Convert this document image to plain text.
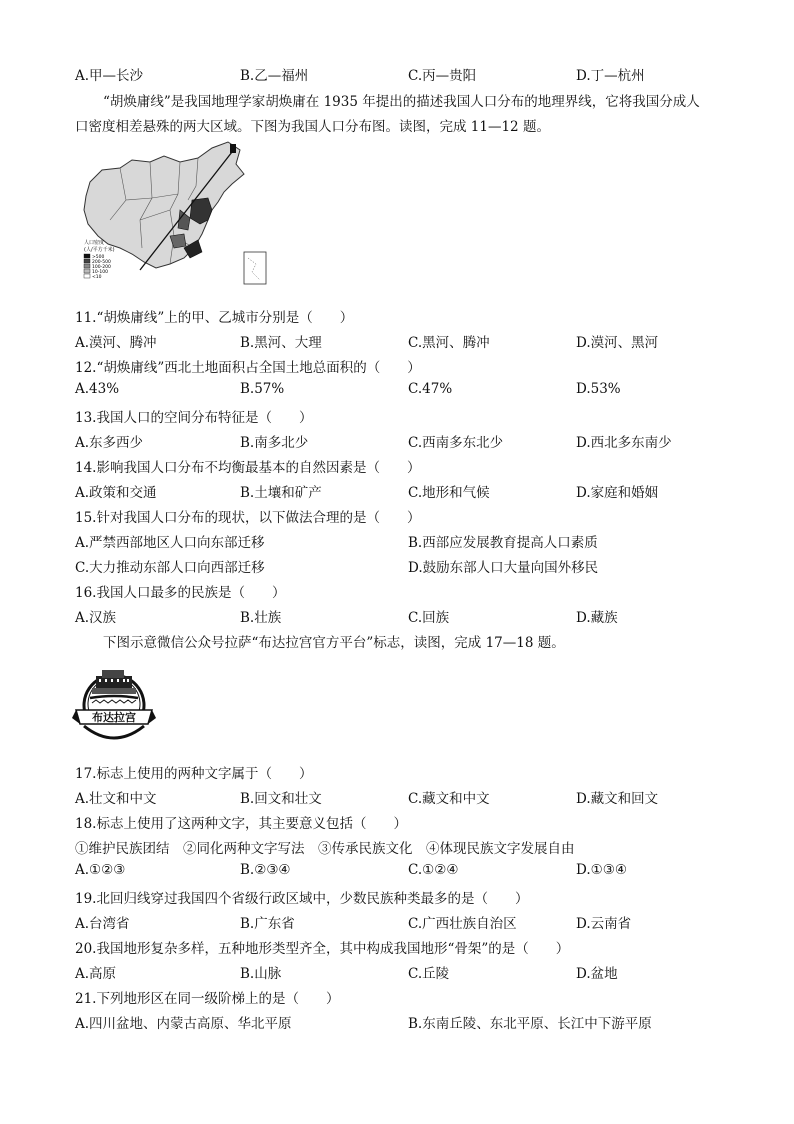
A.甲—长沙	B.乙—福州	C.丙—贵阳	D.丁—杭州
“胡焕庸线”是我国地理学家胡焕庸在 1935 年提出的描述我国人口分布的地理界线，它将我国分成人
口密度相差悬殊的两大区域。下图为我国人口分布图。读图，完成 11—12 题。
人口密度
(人/平方千米)
>500
200-500
100-200
10-100
<10
11.“胡焕庸线”上的甲、乙城市分别是（　　）
A.漠河、腾冲	B.黑河、大理	C.黑河、腾冲	D.漠河、黑河
12.“胡焕庸线”西北土地面积占全国土地总面积的（　　）
A.43%	B.57%	C.47%	D.53%
13.我国人口的空间分布特征是（　　）
A.东多西少	B.南多北少	C.西南多东北少	D.西北多东南少
14.影响我国人口分布不均衡最基本的自然因素是（　　）
A.政策和交通	B.土壤和矿产	C.地形和气候	D.家庭和婚姻
15.针对我国人口分布的现状，以下做法合理的是（　　）
A.严禁西部地区人口向东部迁移	B.西部应发展教育提高人口素质
C.大力推动东部人口向西部迁移	D.鼓励东部人口大量向国外移民
16.我国人口最多的民族是（　　）
A.汉族	B.壮族	C.回族	D.藏族
下图示意微信公众号拉萨“布达拉宫官方平台”标志，读图，完成 17—18 题。
布达拉宫
17.标志上使用的两种文字属于（　　）
A.壮文和中文	B.回文和壮文	C.藏文和中文	D.藏文和回文
18.标志上使用了这两种文字，其主要意义包括（　　）
①维护民族团结　②同化两种文字写法　③传承民族文化　④体现民族文字发展自由
A.①②③	B.②③④	C.①②④	D.①③④
19.北回归线穿过我国四个省级行政区域中，少数民族种类最多的是（　　）
A.台湾省	B.广东省	C.广西壮族自治区	D.云南省
20.我国地形复杂多样，五种地形类型齐全，其中构成我国地形“骨架”的是（　　）
A.高原	B.山脉	C.丘陵	D.盆地
21.下列地形区在同一级阶梯上的是（　　）
A.四川盆地、内蒙古高原、华北平原	B.东南丘陵、东北平原、长江中下游平原
